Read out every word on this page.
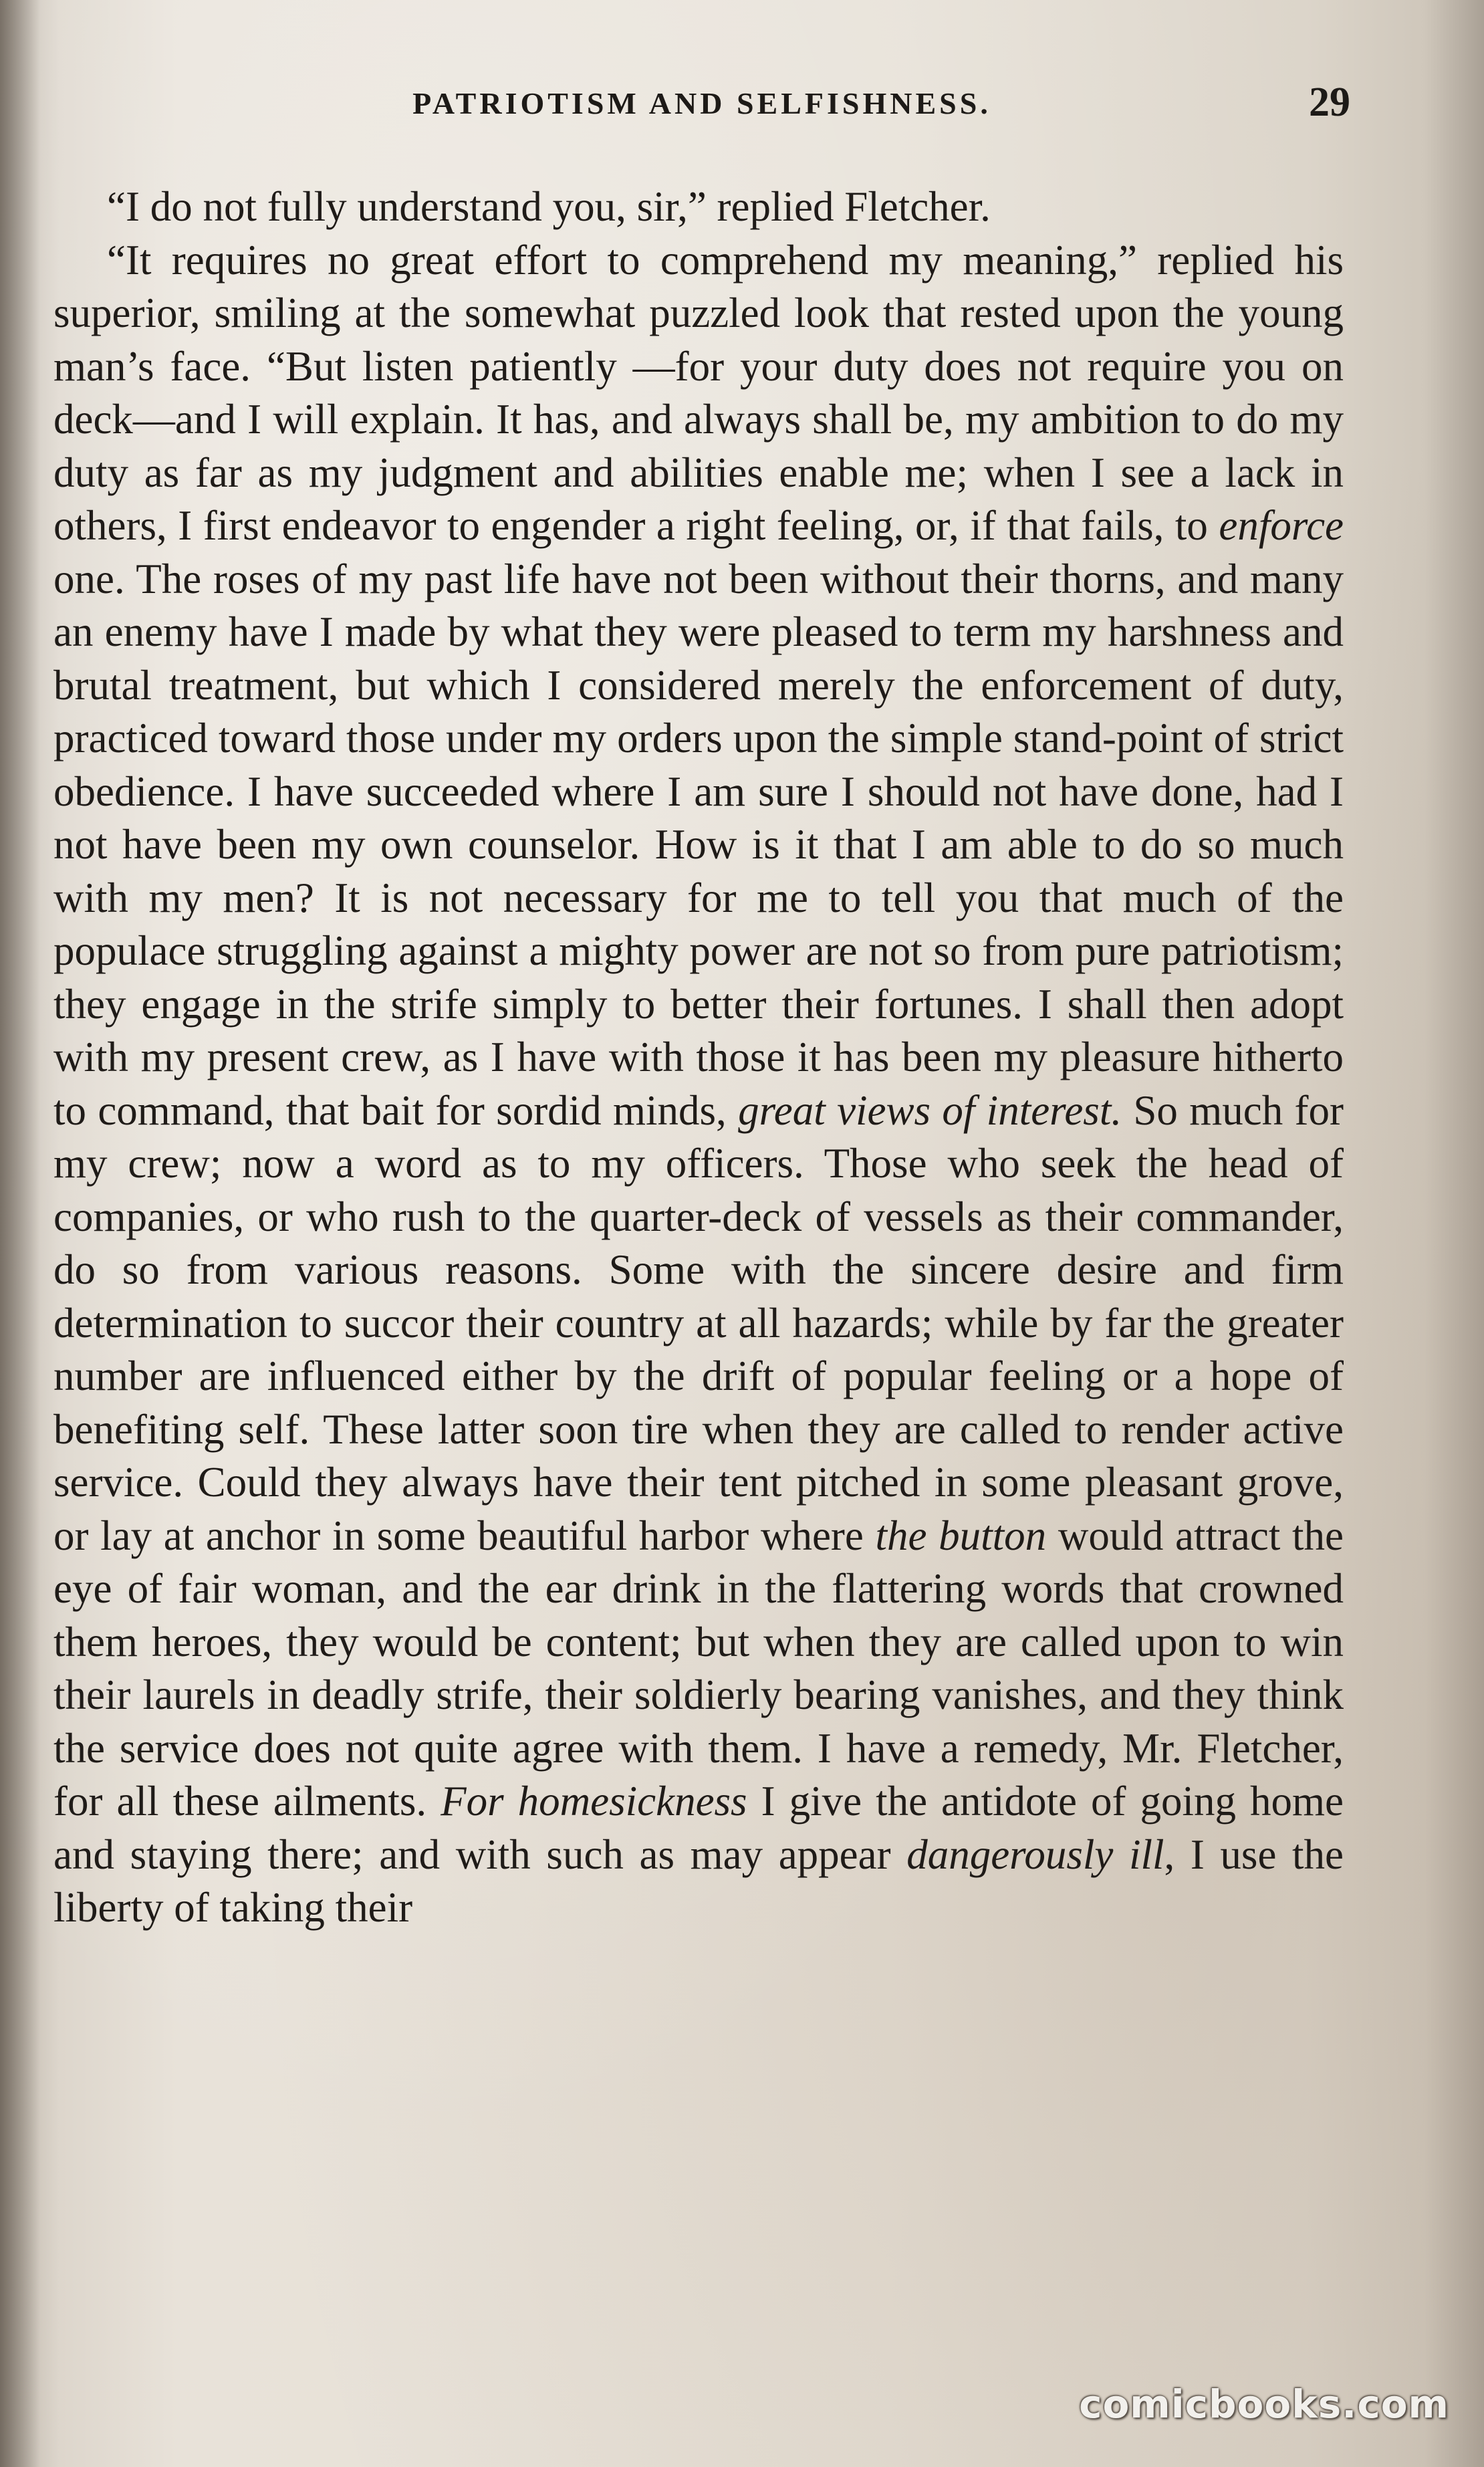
PATRIOTISM AND SELFISHNESS.	29

“I do not fully understand you, sir,” replied Fletcher.

“It requires no great effort to comprehend my meaning,” replied his superior, smiling at the somewhat puzzled look that rested upon the young man’s face. “But listen patiently —for your duty does not require you on deck—and I will explain. It has, and always shall be, my ambition to do my duty as far as my judgment and abilities enable me; when I see a lack in others, I first endeavor to engender a right feeling, or, if that fails, to enforce one. The roses of my past life have not been without their thorns, and many an enemy have I made by what they were pleased to term my harshness and brutal treatment, but which I considered merely the enforcement of duty, practiced toward those under my orders upon the simple stand-point of strict obedience. I have succeeded where I am sure I should not have done, had I not have been my own counselor. How is it that I am able to do so much with my men? It is not necessary for me to tell you that much of the populace struggling against a mighty power are not so from pure patriotism; they engage in the strife simply to better their fortunes. I shall then adopt with my present crew, as I have with those it has been my pleasure hitherto to command, that bait for sordid minds, great views of interest. So much for my crew; now a word as to my officers. Those who seek the head of companies, or who rush to the quarter-deck of vessels as their commander, do so from various reasons. Some with the sincere desire and firm determination to succor their country at all hazards; while by far the greater number are influenced either by the drift of popular feeling or a hope of benefiting self. These latter soon tire when they are called to render active service. Could they always have their tent pitched in some pleasant grove, or lay at anchor in some beautiful harbor where the button would attract the eye of fair woman, and the ear drink in the flattering words that crowned them heroes, they would be content; but when they are called upon to win their laurels in deadly strife, their soldierly bearing vanishes, and they think the service does not quite agree with them. I have a remedy, Mr. Fletcher, for all these ailments. For homesickness I give the antidote of going home and staying there; and with such as may appear dangerously ill, I use the liberty of taking their

comicbooks.com
